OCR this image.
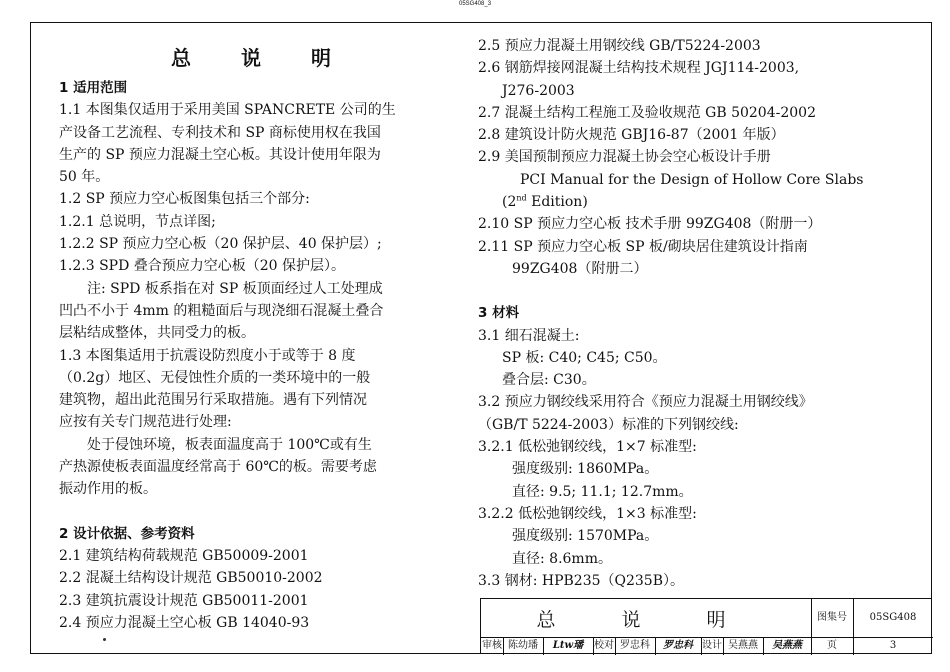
05SG408_3
总	说	明
1 适用范围
1.1 本图集仅适用于采用美国 SPANCRETE 公司的生
产设备工艺流程、专利技术和 SP 商标使用权在我国
生产的 SP 预应力混凝土空心板。其设计使用年限为
50 年。
1.2 SP 预应力空心板图集包括三个部分:
1.2.1 总说明，节点详图;
1.2.2 SP 预应力空心板（20 保护层、40 保护层）;
1.2.3 SPD 叠合预应力空心板（20 保护层）。
注: SPD 板系指在对 SP 板顶面经过人工处理成
凹凸不小于 4mm 的粗糙面后与现浇细石混凝土叠合
层粘结成整体，共同受力的板。
1.3 本图集适用于抗震设防烈度小于或等于 8 度
（0.2g）地区、无侵蚀性介质的一类环境中的一般
建筑物，超出此范围另行采取措施。遇有下列情况
应按有关专门规范进行处理:
处于侵蚀环境，板表面温度高于 100℃或有生
产热源使板表面温度经常高于 60℃的板。需要考虑
振动作用的板。
2 设计依据、参考资料
2.1 建筑结构荷载规范 GB50009-2001
2.2 混凝土结构设计规范 GB50010-2002
2.3 建筑抗震设计规范 GB50011-2001
2.4 预应力混凝土空心板 GB 14040-93
2.5 预应力混凝土用钢绞线 GB/T5224-2003
2.6 钢筋焊接网混凝土结构技术规程 JGJ114-2003,
J276-2003
2.7 混凝土结构工程施工及验收规范 GB 50204-2002
2.8 建筑设计防火规范 GBJ16-87（2001 年版）
2.9 美国预制预应力混凝土协会空心板设计手册
PCI Manual for the Design of Hollow Core Slabs
(2nd Edition)
2.10 SP 预应力空心板 技术手册 99ZG408（附册一）
2.11 SP 预应力空心板 SP 板/砌块居住建筑设计指南
99ZG408（附册二）
3 材料
3.1 细石混凝土:
SP 板: C40; C45; C50。
叠合层: C30。
3.2 预应力钢绞线采用符合《预应力混凝土用钢绞线》
（GB/T 5224-2003）标准的下列钢绞线:
3.2.1 低松弛钢绞线，1×7 标准型:
强度级别: 1860MPa。
直径: 9.5; 11.1; 12.7mm。
3.2.2 低松弛钢绞线，1×3 标准型:
强度级别: 1570MPa。
直径: 8.6mm。
3.3 钢材: HPB235（Q235B）。
总 说 明	图集号	05SG408
审核 陈幼璠	Ltw璠	校对 罗忠科	罗忠科 设计 吴燕燕	吴燕燕	页	3
